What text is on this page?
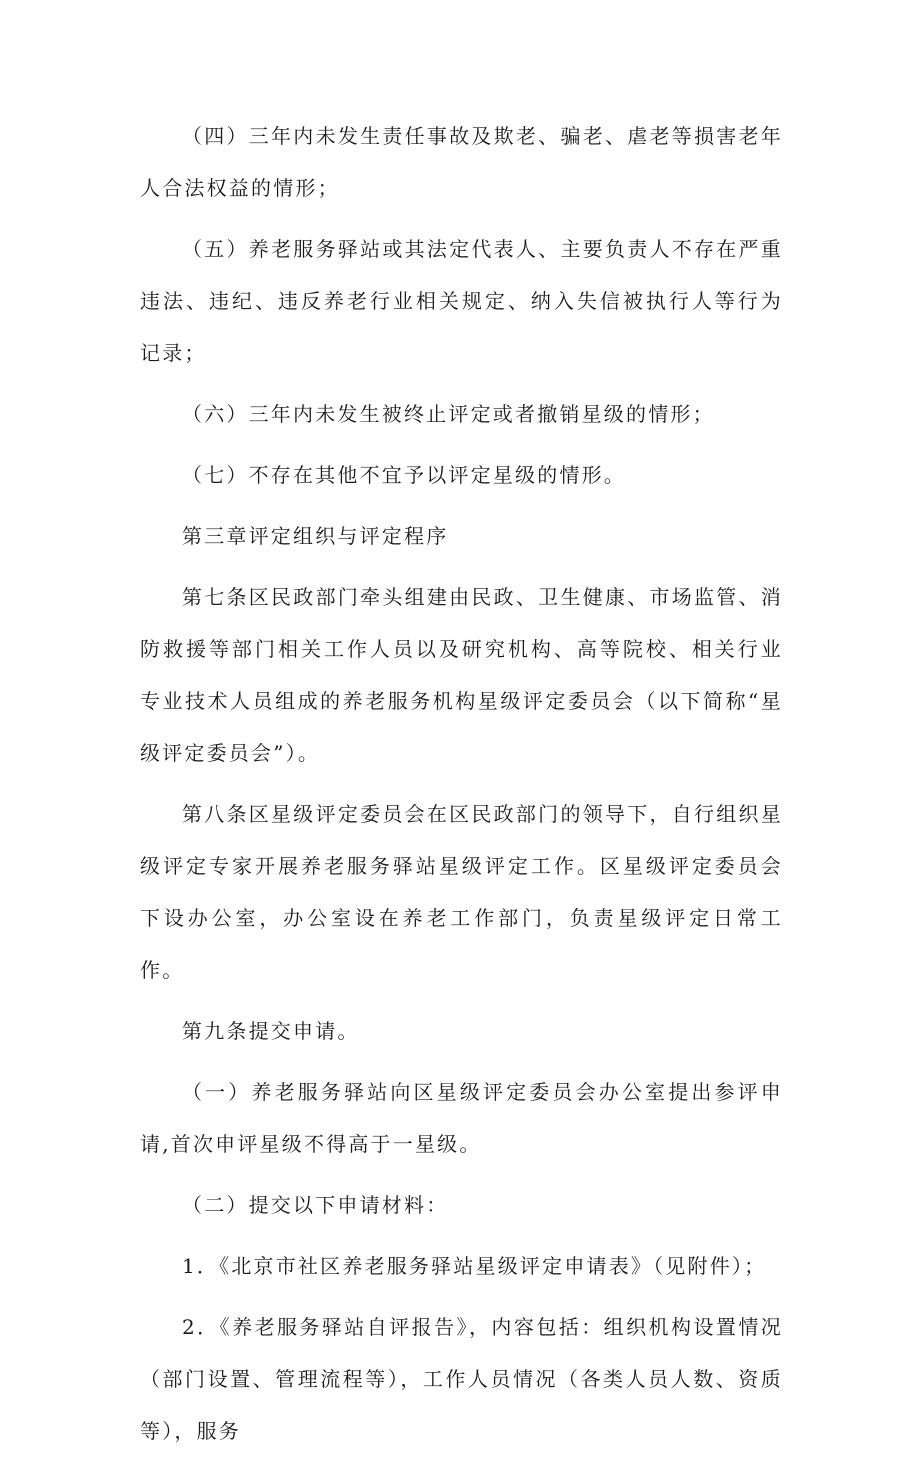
（四）三年内未发生责任事故及欺老、骗老、虐老等损害老年人合法权益的情形；

（五）养老服务驿站或其法定代表人、主要负责人不存在严重违法、违纪、违反养老行业相关规定、纳入失信被执行人等行为记录；

（六）三年内未发生被终止评定或者撤销星级的情形；

（七）不存在其他不宜予以评定星级的情形。

第三章评定组织与评定程序

第七条区民政部门牵头组建由民政、卫生健康、市场监管、消防救援等部门相关工作人员以及研究机构、高等院校、相关行业专业技术人员组成的养老服务机构星级评定委员会（以下简称“星级评定委员会”）。

第八条区星级评定委员会在区民政部门的领导下，自行组织星级评定专家开展养老服务驿站星级评定工作。区星级评定委员会下设办公室，办公室设在养老工作部门，负责星级评定日常工作。

第九条提交申请。

（一）养老服务驿站向区星级评定委员会办公室提出参评申请,首次申评星级不得高于一星级。

（二）提交以下申请材料：

1．《北京市社区养老服务驿站星级评定申请表》（见附件）；

2．《养老服务驿站自评报告》，内容包括：组织机构设置情况（部门设置、管理流程等），工作人员情况（各类人员人数、资质等），服务
